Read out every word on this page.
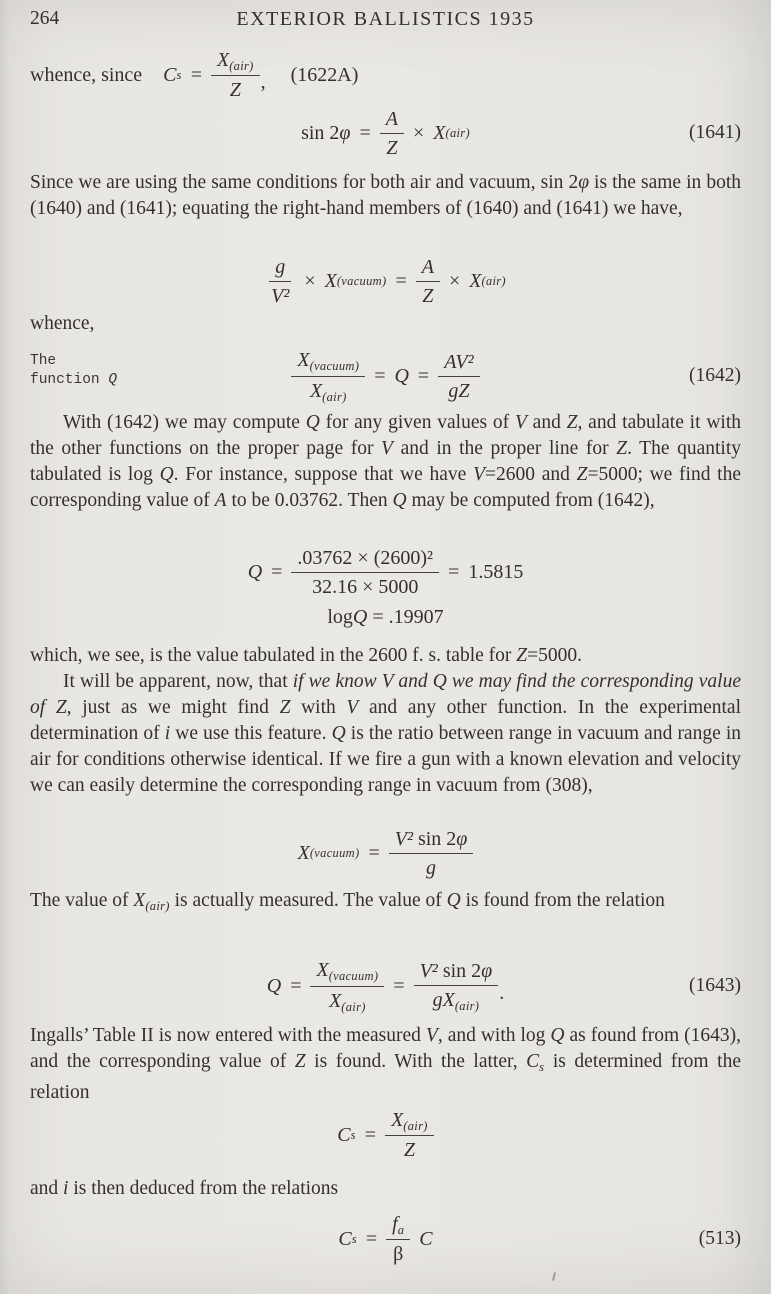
264	EXTERIOR BALLISTICS 1935
whence, since C $s = \frac{X_{(air)}}{Z}$ , (1622A)
sin 2 $\varphi = \frac{A}{Z} \times X$ (air)	(1641)

Since we are using the same conditions for both air and vacuum, sin 2φ is the same in both (1640) and (1641); equating the right-hand members of (1640) and (1641) we have,

$\frac{g}{\text{V²}} \times X$ (vacuum) = $\frac{A}{Z} \times X$ (air)

whence,

The
function Q	$\frac{X_{(vacuum)}}{X_{(air)}} = Q = \frac{\text{AV²}}{gZ}$	(1642)

With (1642) we may compute Q for any given values of V and Z, and tabulate it with the other functions on the proper page for V and in the proper line for Z. The quantity tabulated is log Q. For instance, suppose that we have V=2600 and Z=5000; we find the corresponding value of A to be 0.03762. Then Q may be computed from (1642),

$Q = \frac{\text{.03762 × (2600)²}}{32.16 \times 5000} = 1.5815$
log Q = .19907

which, we see, is the value tabulated in the 2600 f. s. table for Z=5000.

It will be apparent, now, that if we know V and Q we may find the corresponding value of Z, just as we might find Z with V and any other function. In the experimental determination of i we use this feature. Q is the ratio between range in vacuum and range in air for conditions otherwise identical. If we fire a gun with a known elevation and velocity we can easily determine the corresponding range in vacuum from (308),

X (vacuum) = $\frac{\text{V² sin 2φ}}{g}$

The value of $X_{(air)}$ is actually measured. The value of Q is found from the relation

$Q = \frac{X_{(vacuum)}}{X_{(air)}} = \frac{\text{V² sin 2φ}}{gX_{(air)}}$ .	(1643)

Ingalls’ Table II is now entered with the measured V, and with log Q as found from (1643), and the corresponding value of Z is found. With the latter, $C_s$ is determined from the relation

C $s = \frac{X_{(air)}}{Z}$

and i is then deduced from the relations

C $s = \frac{f_a}{\beta}$ C	(513)
